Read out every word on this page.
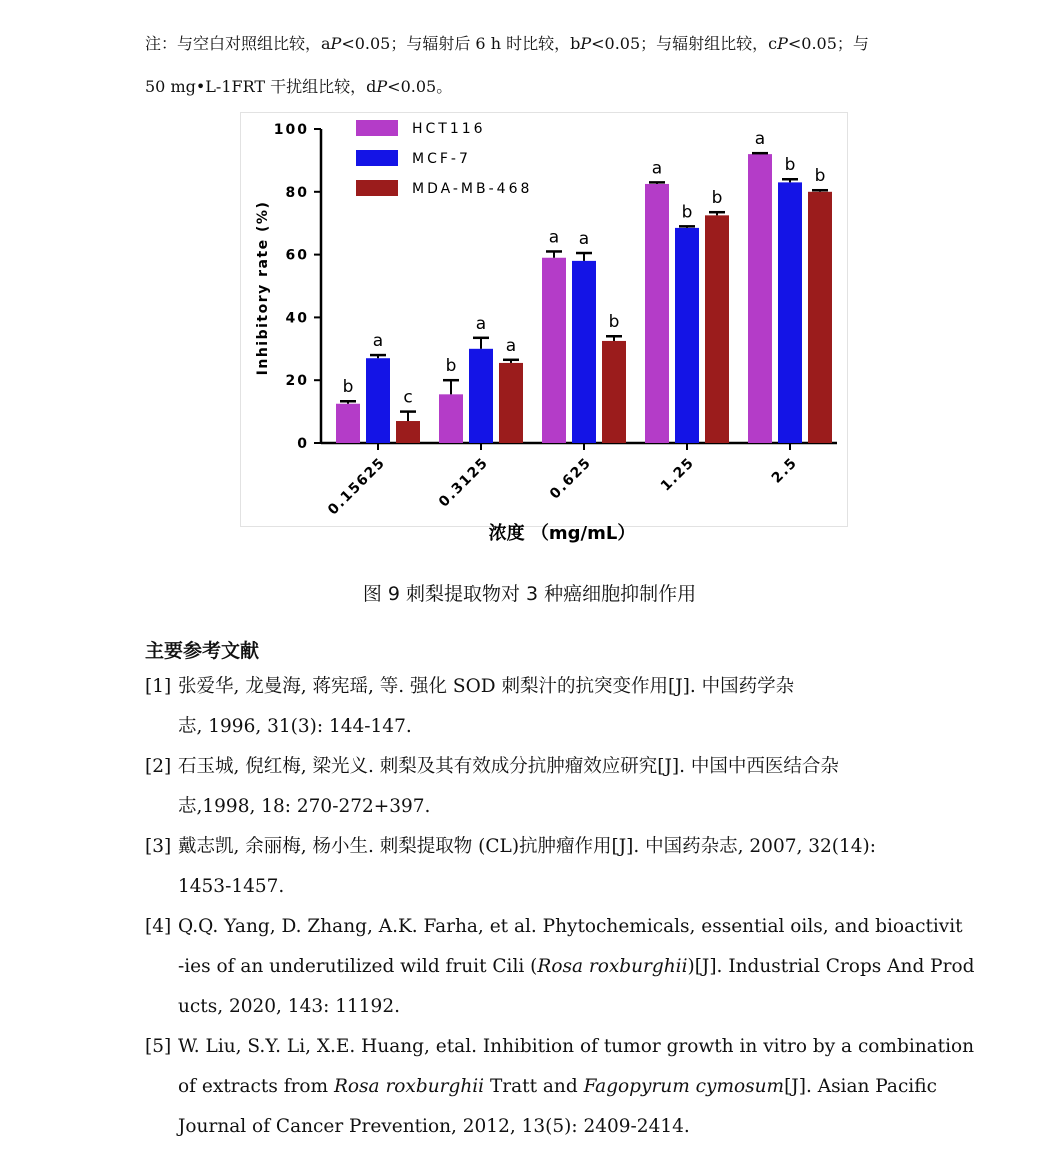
注：与空白对照组比较，aP<0.05；与辐射后 6 h 时比较，bP<0.05；与辐射组比较，cP<0.05；与
50 mg•L-1FRT 干扰组比较，dP<0.05。
0
20
40
60
80
100
Inhibitory rate (%)
b
a
c
0.15625
b
a
a
0.3125
a a
b
0.625
a
b
b
1.25
a
b
b
2.5
HCT116
MCF-7
MDA-MB-468
浓度 （mg/mL）
图 9 刺梨提取物对 3 种癌细胞抑制作用
主要参考文献
[1] 张爱华, 龙曼海, 蒋宪瑶, 等. 强化 SOD 刺梨汁的抗突变作用[J]. 中国药学杂
志, 1996, 31(3): 144-147.
[2] 石玉城, 倪红梅, 梁光义. 刺梨及其有效成分抗肿瘤效应研究[J]. 中国中西医结合杂
志,1998, 18: 270-272+397.
[3] 戴志凯, 余丽梅, 杨小生. 刺梨提取物 (CL)抗肿瘤作用[J]. 中国药杂志, 2007, 32(14):
1453-1457.
[4] Q.Q. Yang, D. Zhang, A.K. Farha, et al. Phytochemicals, essential oils, and bioactivit
-ies of an underutilized wild fruit Cili (Rosa roxburghii)[J]. Industrial Crops And Prod
ucts, 2020, 143: 11192.
[5] W. Liu, S.Y. Li, X.E. Huang, etal. Inhibition of tumor growth in vitro by a combination
of extracts from Rosa roxburghii Tratt and Fagopyrum cymosum[J]. Asian Pacific
Journal of Cancer Prevention, 2012, 13(5): 2409-2414.
